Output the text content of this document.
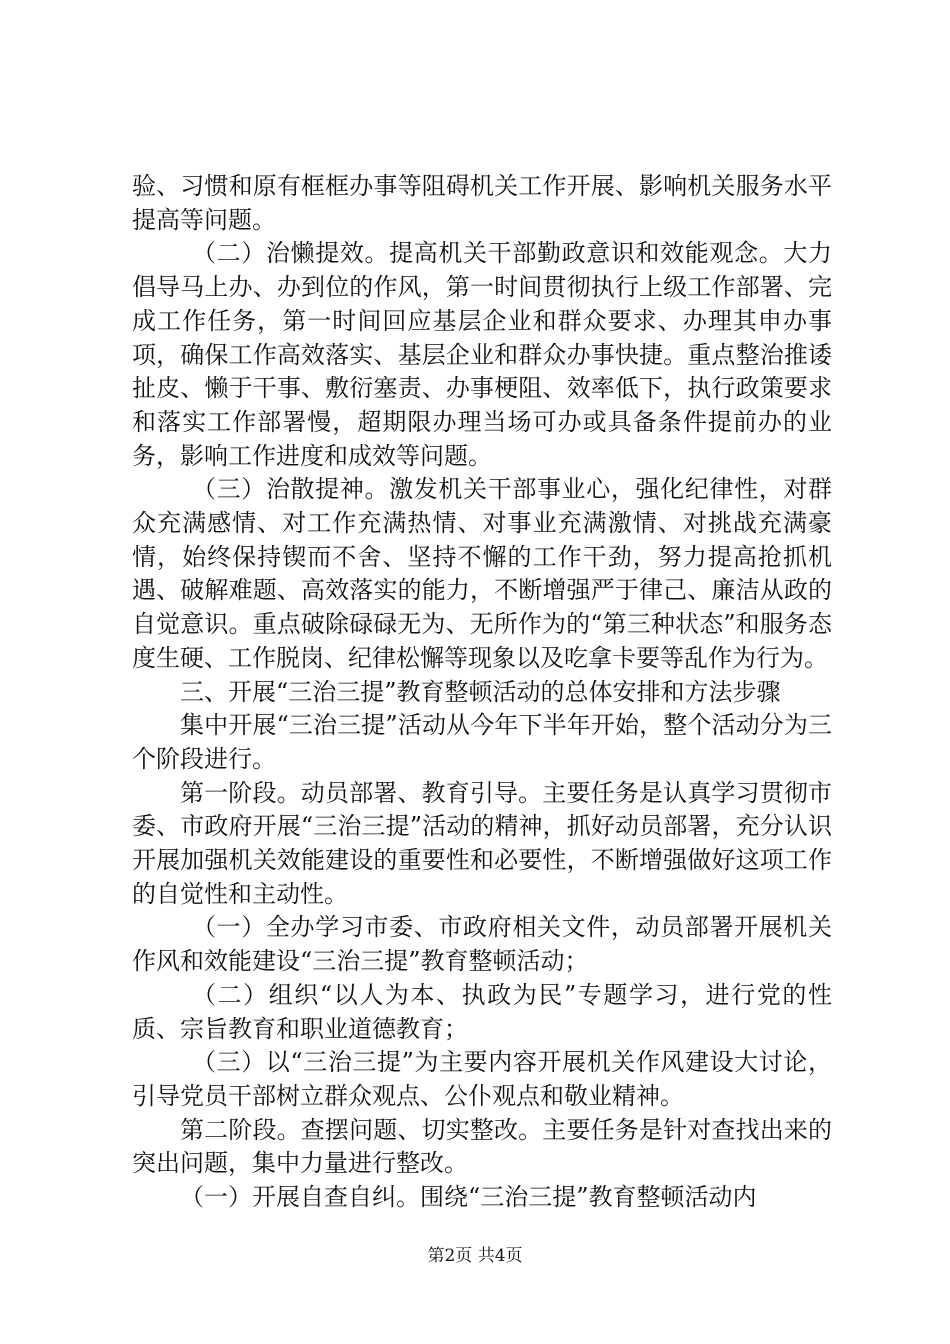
验、习惯和原有框框办事等阻碍机关工作开展、影响机关服务水平提高等问题。

（二）治懒提效。提高机关干部勤政意识和效能观念。大力倡导马上办、办到位的作风，第一时间贯彻执行上级工作部署、完成工作任务，第一时间回应基层企业和群众要求、办理其申办事项，确保工作高效落实、基层企业和群众办事快捷。重点整治推诿扯皮、懒于干事、敷衍塞责、办事梗阻、效率低下，执行政策要求和落实工作部署慢，超期限办理当场可办或具备条件提前办的业务，影响工作进度和成效等问题。

（三）治散提神。激发机关干部事业心，强化纪律性，对群众充满感情、对工作充满热情、对事业充满激情、对挑战充满豪情，始终保持锲而不舍、坚持不懈的工作干劲，努力提高抢抓机遇、破解难题、高效落实的能力，不断增强严于律己、廉洁从政的自觉意识。重点破除碌碌无为、无所作为的“第三种状态”和服务态度生硬、工作脱岗、纪律松懈等现象以及吃拿卡要等乱作为行为。

三、开展“三治三提”教育整顿活动的总体安排和方法步骤

集中开展“三治三提”活动从今年下半年开始，整个活动分为三个阶段进行。

第一阶段。动员部署、教育引导。主要任务是认真学习贯彻市委、市政府开展“三治三提”活动的精神，抓好动员部署，充分认识开展加强机关效能建设的重要性和必要性，不断增强做好这项工作的自觉性和主动性。

（一）全办学习市委、市政府相关文件，动员部署开展机关作风和效能建设“三治三提”教育整顿活动；

（二）组织“以人为本、执政为民”专题学习，进行党的性质、宗旨教育和职业道德教育；

（三）以“三治三提”为主要内容开展机关作风建设大讨论，引导党员干部树立群众观点、公仆观点和敬业精神。

第二阶段。查摆问题、切实整改。主要任务是针对查找出来的突出问题，集中力量进行整改。

（一）开展自查自纠。围绕“三治三提”教育整顿活动内

第2页 共4页
